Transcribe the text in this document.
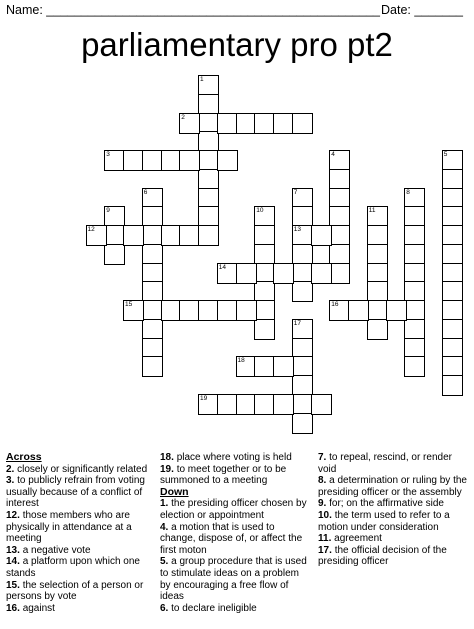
Name: ________________________________________________ Date: _______
parliamentary pro pt2
1
2
3	4	5
6	7
13
8
9	10	11
12
14
15	16
17
18
19
Across
2. closely or significantly related
3. to publicly refrain from voting usually because of a conflict of interest
12. those members who are physically in attendance at a meeting
13. a negative vote
14. a platform upon which one stands
15. the selection of a person or persons by vote
16. against
18. place where voting is held
19. to meet together or to be summoned to a meeting
Down
1. the presiding officer chosen by election or appointment
4. a motion that is used to change, dispose of, or affect the first moton
5. a group procedure that is used to stimulate ideas on a problem by encouraging a free flow of ideas
6. to declare ineligible
7. to repeal, rescind, or render void
8. a determination or ruling by the presiding officer or the assembly
9. for; on the affirmative side
10. the term used to refer to a motion under consideration
11. agreement
17. the official decision of the presiding officer
